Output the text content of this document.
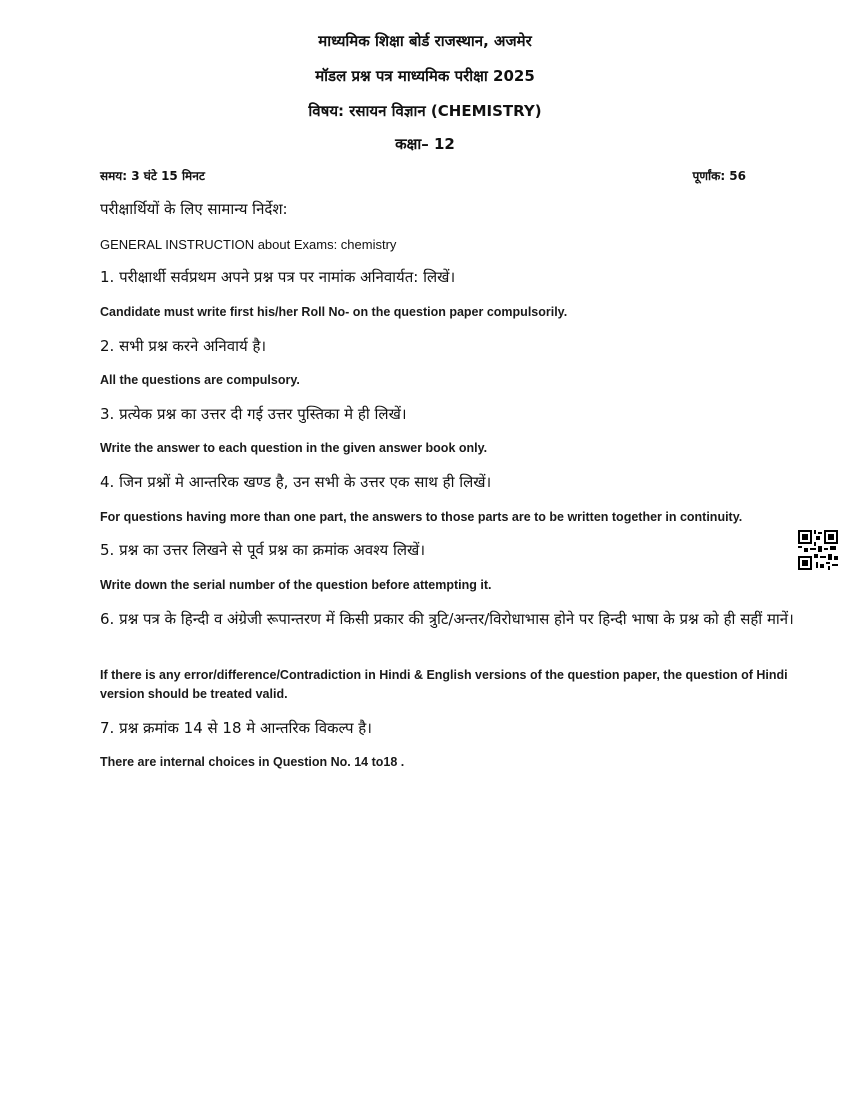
माध्यमिक शिक्षा बोर्ड राजस्थान, अजमेर

मॉडल प्रश्न पत्र माध्यमिक परीक्षा 2025

विषय: रसायन विज्ञान (CHEMISTRY)

कक्षा– 12

समय: 3 घंटे 15 मिनट	पूर्णांक: 56

परीक्षार्थियों के लिए सामान्य निर्देश:

GENERAL INSTRUCTION about Exams: chemistry

1. परीक्षार्थी सर्वप्रथम अपने प्रश्न पत्र पर नामांक अनिवार्यत: लिखें।

Candidate must write first his/her Roll No- on the question paper compulsorily.

2. सभी प्रश्न करने अनिवार्य है।

All the questions are compulsory.

3. प्रत्येक प्रश्न का उत्तर दी गई उत्तर पुस्तिका मे ही लिखें।

Write the answer to each question in the given answer book only.

4. जिन प्रश्नों मे आन्तरिक खण्ड है, उन सभी के उत्तर एक साथ ही लिखें।

For questions having more than one part, the answers to those parts are to be written together in continuity.

5. प्रश्न का उत्तर लिखने से पूर्व प्रश्न का क्रमांक अवश्य लिखें।

Write down the serial number of the question before attempting it.

6. प्रश्न पत्र के हिन्दी व अंग्रेजी रूपान्तरण में किसी प्रकार की त्रुटि/अन्तर/विरोधाभास होने पर हिन्दी भाषा के प्रश्न को ही सहीं मानें।

If there is any error/difference/Contradiction in Hindi & English versions of the question paper, the question of Hindi version should be treated valid.

7. प्रश्न क्रमांक 14 से 18 मे आन्तरिक विकल्प है।

There are internal choices in Question No. 14 to18 .
